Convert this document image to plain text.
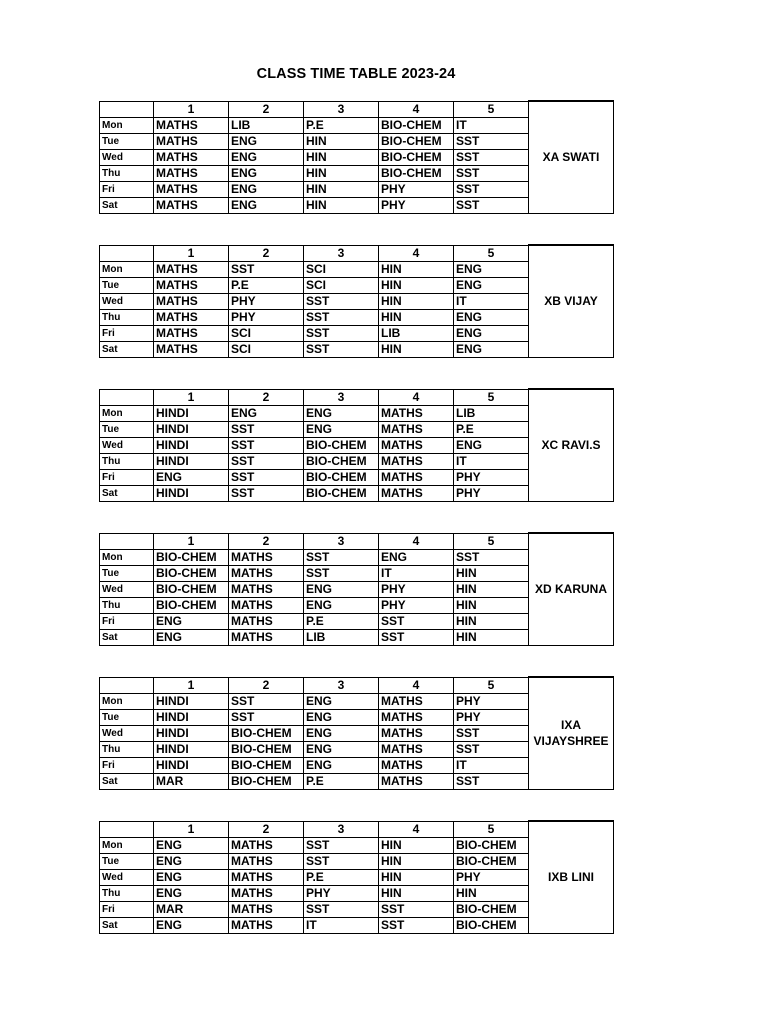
CLASS TIME TABLE 2023-24
	1	2	3	4	5	XA SWATI
Mon	MATHS	LIB	P.E	BIO-CHEM	IT	
Tue	MATHS	ENG	HIN	BIO-CHEM	SST	
Wed	MATHS	ENG	HIN	BIO-CHEM	SST	
Thu	MATHS	ENG	HIN	BIO-CHEM	SST	
Fri	MATHS	ENG	HIN	PHY	SST	
Sat	MATHS	ENG	HIN	PHY	SST	
	1	2	3	4	5	XB VIJAY
Mon	MATHS	SST	SCI	HIN	ENG	
Tue	MATHS	P.E	SCI	HIN	ENG	
Wed	MATHS	PHY	SST	HIN	IT	
Thu	MATHS	PHY	SST	HIN	ENG	
Fri	MATHS	SCI	SST	LIB	ENG	
Sat	MATHS	SCI	SST	HIN	ENG	
	1	2	3	4	5	XC RAVI.S
Mon	HINDI	ENG	ENG	MATHS	LIB	
Tue	HINDI	SST	ENG	MATHS	P.E	
Wed	HINDI	SST	BIO-CHEM	MATHS	ENG	
Thu	HINDI	SST	BIO-CHEM	MATHS	IT	
Fri	ENG	SST	BIO-CHEM	MATHS	PHY	
Sat	HINDI	SST	BIO-CHEM	MATHS	PHY	
	1	2	3	4	5	XD KARUNA
Mon	BIO-CHEM	MATHS	SST	ENG	SST	
Tue	BIO-CHEM	MATHS	SST	IT	HIN	
Wed	BIO-CHEM	MATHS	ENG	PHY	HIN	
Thu	BIO-CHEM	MATHS	ENG	PHY	HIN	
Fri	ENG	MATHS	P.E	SST	HIN	
Sat	ENG	MATHS	LIB	SST	HIN	
	1	2	3	4	5	IXA VIJAYSHREE
Mon	HINDI	SST	ENG	MATHS	PHY	
Tue	HINDI	SST	ENG	MATHS	PHY	
Wed	HINDI	BIO-CHEM	ENG	MATHS	SST	
Thu	HINDI	BIO-CHEM	ENG	MATHS	SST	
Fri	HINDI	BIO-CHEM	ENG	MATHS	IT	
Sat	MAR	BIO-CHEM	P.E	MATHS	SST	
	1	2	3	4	5	IXB LINI
Mon	ENG	MATHS	SST	HIN	BIO-CHEM	
Tue	ENG	MATHS	SST	HIN	BIO-CHEM	
Wed	ENG	MATHS	P.E	HIN	PHY	
Thu	ENG	MATHS	PHY	HIN	HIN	
Fri	MAR	MATHS	SST	SST	BIO-CHEM	
Sat	ENG	MATHS	IT	SST	BIO-CHEM	
